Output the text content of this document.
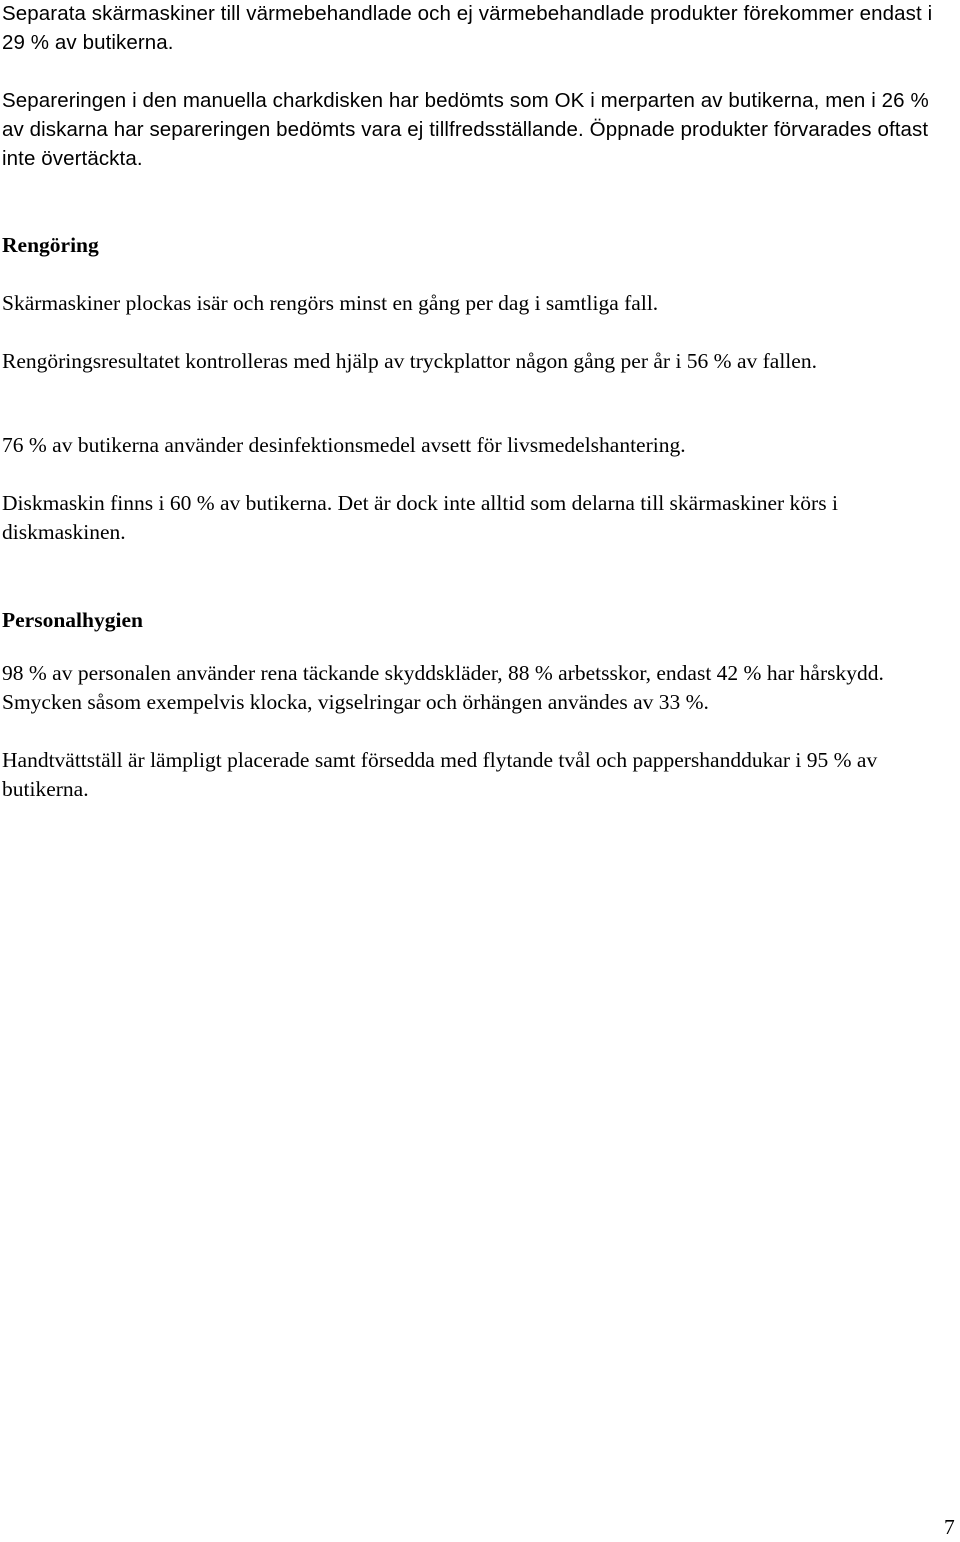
Separata skärmaskiner till värmebehandlade och ej värmebehandlade produkter förekommer endast i 29 % av butikerna.

Separeringen i den manuella charkdisken har bedömts som OK i merparten av butikerna, men i 26 % av diskarna har separeringen bedömts vara ej tillfredsställande. Öppnade produkter förvarades oftast inte övertäckta.

Rengöring

Skärmaskiner plockas isär och rengörs minst en gång per dag i samtliga fall.

Rengöringsresultatet kontrolleras med hjälp av tryckplattor någon gång per år i 56 % av fallen.

76 % av butikerna använder desinfektionsmedel avsett för livsmedelshantering.

Diskmaskin finns i 60 % av butikerna. Det är dock inte alltid som delarna till skärmaskiner körs i diskmaskinen.

Personalhygien

98 % av personalen använder rena täckande skyddskläder, 88 % arbetsskor, endast 42 % har hårskydd. Smycken såsom exempelvis klocka, vigselringar och örhängen användes av 33 %.

Handtvättställ är lämpligt placerade samt försedda med flytande tvål och pappershanddukar i 95 % av butikerna.

7
